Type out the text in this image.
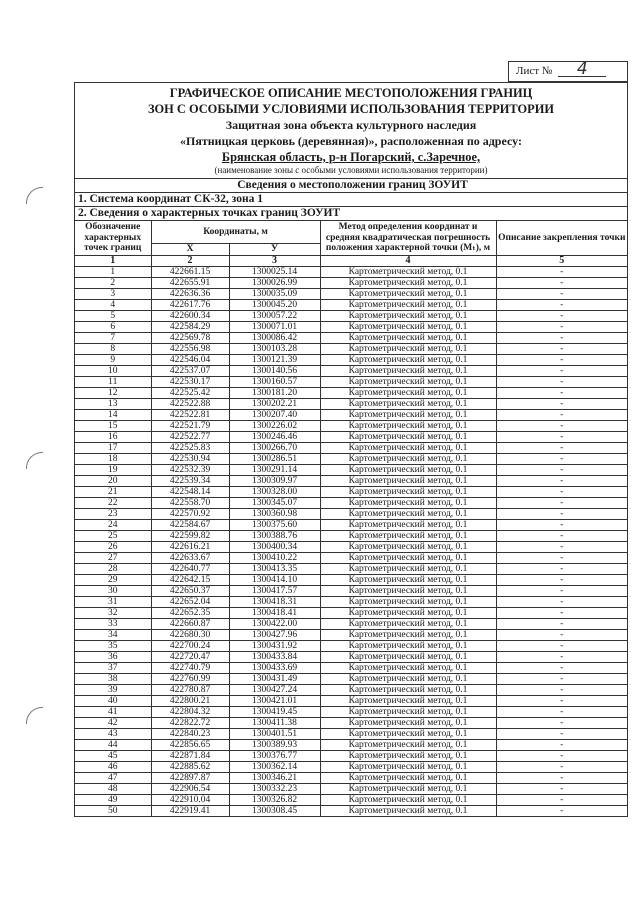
Лист № 4
ГРАФИЧЕСКОЕ ОПИСАНИЕ МЕСТОПОЛОЖЕНИЯ ГРАНИЦ
ЗОН С ОСОБЫМИ УСЛОВИЯМИ ИСПОЛЬЗОВАНИЯ ТЕРРИТОРИИ
Защитная зона объекта культурного наследия
«Пятницкая церковь (деревянная)», расположенная по адресу:
Брянская область, р-н Погарский, с.Заречное,
(наименование зоны с особыми условиями использования территории)
Сведения о местоположении границ ЗОУИТ
1. Система координат СК-32, зона 1
2. Сведения о характерных точках границ ЗОУИТ
Обозначение характерных точек границ	Координаты, м		Метод определения координат и средняя квадратическая погрешность положения характерной точки (Мₜ), м	Описание закрепления точки
	X	У		
1	2	3	4	5
1	422661.15	1300025.14	Картометрический метод, 0.1	-
2	422655.91	1300026.99	Картометрический метод, 0.1	-
3	422636.36	1300035.09	Картометрический метод, 0.1	-
4	422617.76	1300045.20	Картометрический метод, 0.1	-
5	422600.34	1300057.22	Картометрический метод, 0.1	-
6	422584.29	1300071.01	Картометрический метод, 0.1	-
7	422569.78	1300086.42	Картометрический метод, 0.1	-
8	422556.98	1300103.28	Картометрический метод, 0.1	-
9	422546.04	1300121.39	Картометрический метод, 0.1	-
10	422537.07	1300140.56	Картометрический метод, 0.1	-
11	422530.17	1300160.57	Картометрический метод, 0.1	-
12	422525.42	1300181.20	Картометрический метод, 0.1	-
13	422522.88	1300202.21	Картометрический метод, 0.1	-
14	422522.81	1300207.40	Картометрический метод, 0.1	-
15	422521.79	1300226.02	Картометрический метод, 0.1	-
16	422522.77	1300246.46	Картометрический метод, 0.1	-
17	422525.83	1300266.70	Картометрический метод, 0.1	-
18	422530.94	1300286.51	Картометрический метод, 0.1	-
19	422532.39	1300291.14	Картометрический метод, 0.1	-
20	422539.34	1300309.97	Картометрический метод, 0.1	-
21	422548.14	1300328.00	Картометрический метод, 0.1	-
22	422558.70	1300345.07	Картометрический метод, 0.1	-
23	422570.92	1300360.98	Картометрический метод, 0.1	-
24	422584.67	1300375.60	Картометрический метод, 0.1	-
25	422599.82	1300388.76	Картометрический метод, 0.1	-
26	422616.21	1300400.34	Картометрический метод, 0.1	-
27	422633.67	1300410.22	Картометрический метод, 0.1	-
28	422640.77	1300413.35	Картометрический метод, 0.1	-
29	422642.15	1300414.10	Картометрический метод, 0.1	-
30	422650.37	1300417.57	Картометрический метод, 0.1	-
31	422652.04	1300418.31	Картометрический метод, 0.1	-
32	422652.35	1300418.41	Картометрический метод, 0.1	-
33	422660.87	1300422.00	Картометрический метод, 0.1	-
34	422680.30	1300427.96	Картометрический метод, 0.1	-
35	422700.24	1300431.92	Картометрический метод, 0.1	-
36	422720.47	1300433.84	Картометрический метод, 0.1	-
37	422740.79	1300433.69	Картометрический метод, 0.1	-
38	422760.99	1300431.49	Картометрический метод, 0.1	-
39	422780.87	1300427.24	Картометрический метод, 0.1	-
40	422800.21	1300421.01	Картометрический метод, 0.1	-
41	422804.32	1300419.45	Картометрический метод, 0.1	-
42	422822.72	1300411.38	Картометрический метод, 0.1	-
43	422840.23	1300401.51	Картометрический метод, 0.1	-
44	422856.65	1300389.93	Картометрический метод, 0.1	-
45	422871.84	1300376.77	Картометрический метод, 0.1	-
46	422885.62	1300362.14	Картометрический метод, 0.1	-
47	422897.87	1300346.21	Картометрический метод, 0.1	-
48	422906.54	1300332.23	Картометрический метод, 0.1	-
49	422910.04	1300326.82	Картометрический метод, 0.1	-
50	422919.41	1300308.45	Картометрический метод, 0.1	-
